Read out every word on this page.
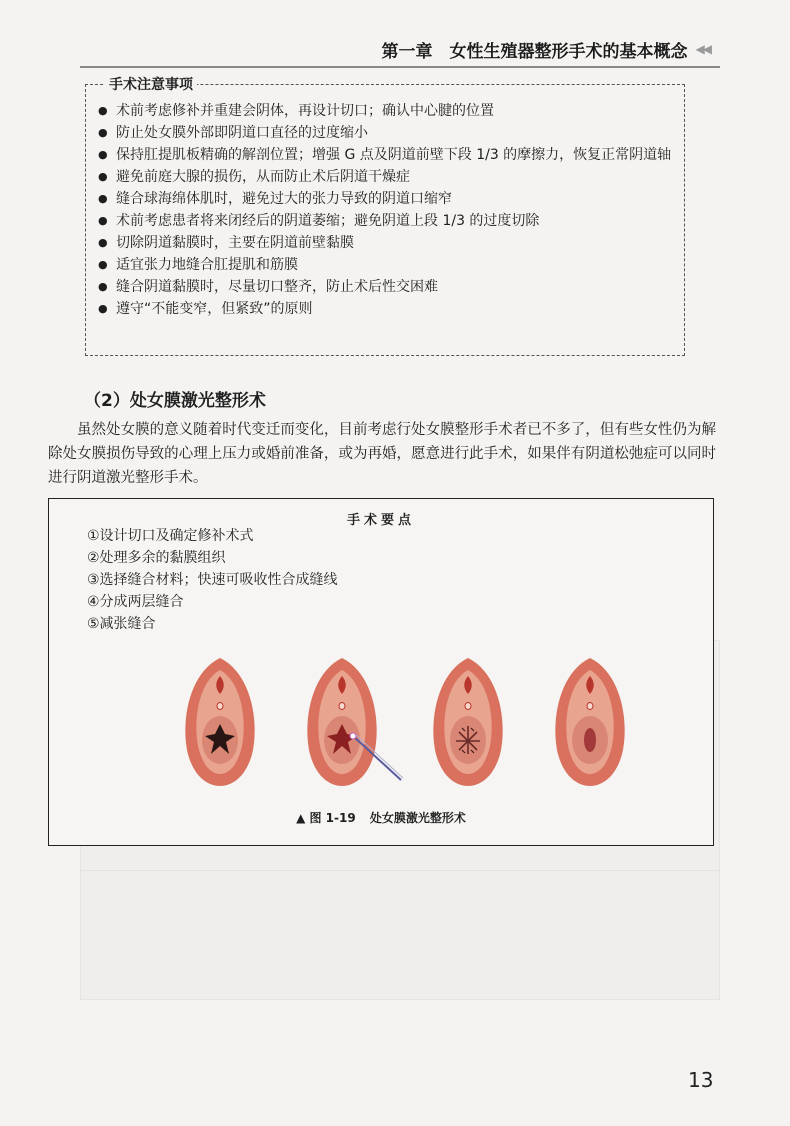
第一章　女性生殖器整形手术的基本概念 ◀◀
手术注意事项
● 术前考虑修补并重建会阴体，再设计切口；确认中心腱的位置
● 防止处女膜外部即阴道口直径的过度缩小
● 保持肛提肌板精确的解剖位置；增强 G 点及阴道前壁下段 1/3 的摩擦力，恢复正常阴道轴
● 避免前庭大腺的损伤，从而防止术后阴道干燥症
● 缝合球海绵体肌时，避免过大的张力导致的阴道口缩窄
● 术前考虑患者将来闭经后的阴道萎缩；避免阴道上段 1/3 的过度切除
● 切除阴道黏膜时，主要在阴道前壁黏膜
● 适宜张力地缝合肛提肌和筋膜
● 缝合阴道黏膜时，尽量切口整齐，防止术后性交困难
● 遵守“不能变窄，但紧致”的原则
（2）处女膜激光整形术

虽然处女膜的意义随着时代变迁而变化，目前考虑行处女膜整形手术者已不多了，但有些女性仍为解除处女膜损伤导致的心理上压力或婚前准备，或为再婚，愿意进行此手术，如果伴有阴道松弛症可以同时进行阴道激光整形手术。

手术要点
①设计切口及确定修补术式
②处理多余的黏膜组织
③选择缝合材料；快速可吸收性合成缝线
④分成两层缝合
⑤减张缝合
▲ 图 1-19 处女膜激光整形术
13
